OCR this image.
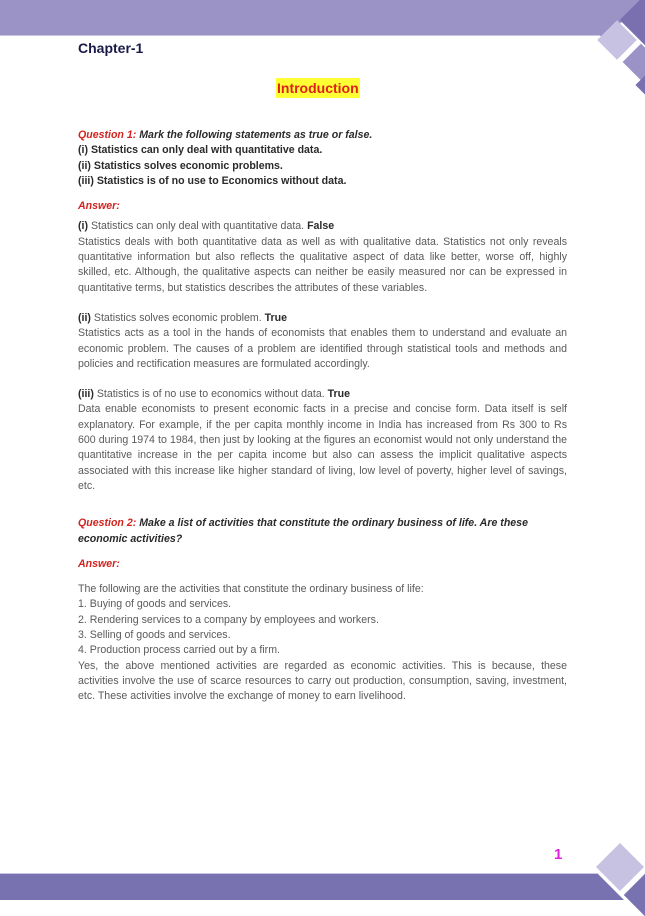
Chapter-1
Introduction

Question 1: Mark the following statements as true or false.

(i) Statistics can only deal with quantitative data.

(ii) Statistics solves economic problems.

(iii) Statistics is of no use to Economics without data.

Answer:

(i) Statistics can only deal with quantitative data. False

Statistics deals with both quantitative data as well as with qualitative data. Statistics not only reveals quantitative information but also reflects the qualitative aspect of data like better, worse off, highly skilled, etc. Although, the qualitative aspects can neither be easily measured nor can be expressed in quantitative terms, but statistics describes the attributes of these variables.

(ii) Statistics solves economic problem. True

Statistics acts as a tool in the hands of economists that enables them to understand and evaluate an economic problem. The causes of a problem are identified through statistical tools and methods and policies and rectification measures are formulated accordingly.

(iii) Statistics is of no use to economics without data. True

Data enable economists to present economic facts in a precise and concise form. Data itself is self explanatory. For example, if the per capita monthly income in India has increased from Rs 300 to Rs 600 during 1974 to 1984, then just by looking at the figures an economist would not only understand the quantitative increase in the per capita income but also can assess the implicit qualitative aspects associated with this increase like higher standard of living, low level of poverty, higher level of savings, etc.

Question 2: Make a list of activities that constitute the ordinary business of life. Are these economic activities?

Answer:

The following are the activities that constitute the ordinary business of life:

1. Buying of goods and services.

2. Rendering services to a company by employees and workers.

3. Selling of goods and services.

4. Production process carried out by a firm.

Yes, the above mentioned activities are regarded as economic activities. This is because, these activities involve the use of scarce resources to carry out production, consumption, saving, investment, etc. These activities involve the exchange of money to earn livelihood.

1
